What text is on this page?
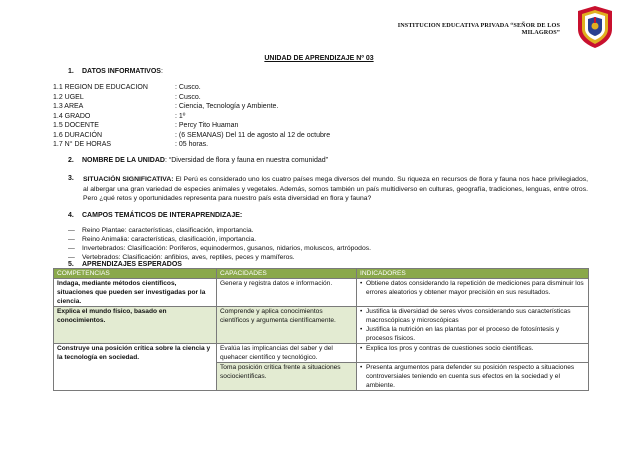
INSTITUCION EDUCATIVA PRIVADA “SEÑOR DE LOS MILAGROS”
UNIDAD DE APRENDIZAJE Nº 03
1. DATOS INFORMATIVOS:
1.1 REGION DE EDUCACION	: Cusco.
1.2 UGEL	: Cusco.
1.3 AREA	: Ciencia, Tecnología y Ambiente.
1.4 GRADO	: 1º
1.5 DOCENTE	: Percy Tito Huaman
1.6 DURACIÓN	: (6 SEMANAS) Del 11 de agosto al 12 de octubre
1.7 N° DE HORAS	: 05 horas.
2. NOMBRE DE LA UNIDAD: “Diversidad de flora y fauna en nuestra comunidad”
3. SITUACIÓN SIGNIFICATIVA: El Perú es considerado uno los cuatro países mega diversos del mundo. Su riqueza en recursos de flora y fauna nos hace privilegiados, al albergar una gran variedad de especies animales y vegetales. Además, somos también un país multidiverso en culturas, geografía, tradiciones, lenguas, entre otros. Pero ¿qué retos y oportunidades representa para nuestro país esta diversidad en flora y fauna?
4. CAMPOS TEMÁTICOS DE INTERAPRENDIZAJE:
— Reino Plantae: características, clasificación, importancia.
— Reino Animalia: características, clasificación, importancia.
— Invertebrados: Clasificación: Poriferos, equinodermos, gusanos, nidarios, moluscos, artrópodos.
— Vertebrados: Clasificación: anfibios, aves, reptiles, peces y mamíferos.
5. APRENDIZAJES ESPERADOS
COMPETENCIAS	CAPACIDADES	INDICADORES
Indaga, mediante métodos científicos, situaciones que pueden ser investigadas por la ciencia.	Genera y registra datos e información.	• Obtiene datos considerando la repetición de mediciones para disminuir los errores aleatorios y obtener mayor precisión en sus resultados.

Explica el mundo físico, basado en conocimientos.	Comprende y aplica conocimientos científicos y argumenta científicamente.	• Justifica la diversidad de seres vivos considerando sus características macroscópicas y microscópicas
• Justifica la nutrición en las plantas por el proceso de fotosíntesis y procesos físicos.

Construye una posición crítica sobre la ciencia y la tecnología en sociedad.	Evalúa las implicancias del saber y del quehacer científico y tecnológico.	• Explica los pros y contras de cuestiones socio científicas.

	Toma posición crítica frente a situaciones sociocientíficas.	• Presenta argumentos para defender su posición respecto a situaciones controversiales teniendo en cuenta sus efectos en la sociedad y el ambiente.
